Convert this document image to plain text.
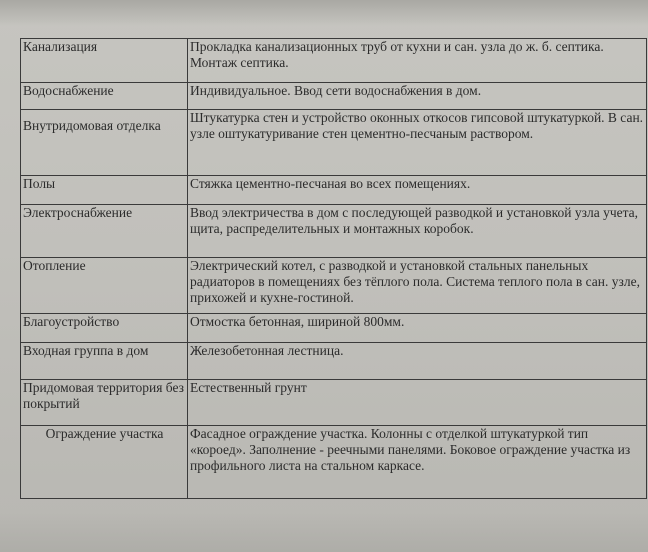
Канализация	Прокладка канализационных труб от кухни и сан. узла до ж. б. септика. Монтаж септика.
Водоснабжение	Индивидуальное. Ввод сети водоснабжения в дом.
Внутридомовая отделка	Штукатурка стен и устройство оконных откосов гипсовой штукатуркой. В сан. узле оштукатуривание стен цементно-песчаным раствором.
Полы	Стяжка цементно-песчаная во всех помещениях.
Электроснабжение	Ввод электричества в дом с последующей разводкой и установкой узла учета, щита, распределительных и монтажных коробок.
Отопление	Электрический котел, с разводкой и установкой стальных панельных радиаторов в помещениях без тёплого пола. Система теплого пола в сан. узле, прихожей и кухне-гостиной.
Благоустройство	Отмостка бетонная, шириной 800мм.
Входная группа в дом	Железобетонная лестница.
Придомовая территория без покрытий	Естественный грунт
Ограждение участка	Фасадное ограждение участка. Колонны с отделкой штукатуркой тип «короед». Заполнение - реечными панелями. Боковое ограждение участка из профильного листа на стальном каркасе.
